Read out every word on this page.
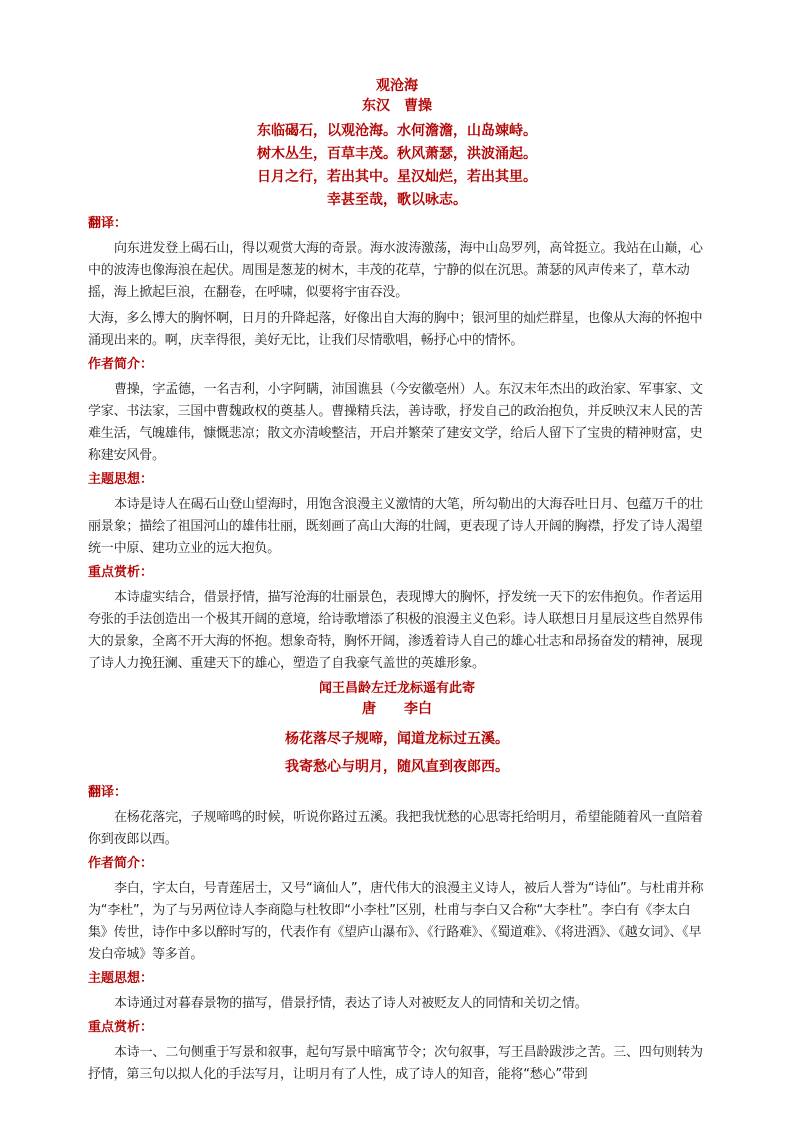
观沧海
东汉　曹操
东临碣石，以观沧海。水何澹澹，山岛竦峙。
树木丛生，百草丰茂。秋风萧瑟，洪波涌起。
日月之行，若出其中。星汉灿烂，若出其里。
幸甚至哉，歌以咏志。
翻译：

向东进发登上碣石山，得以观赏大海的奇景。海水波涛激荡，海中山岛罗列，高耸挺立。我站在山巅，心中的波涛也像海浪在起伏。周围是葱茏的树木，丰茂的花草，宁静的似在沉思。萧瑟的风声传来了，草木动摇，海上掀起巨浪，在翻卷，在呼啸，似要将宇宙吞没。

大海，多么博大的胸怀啊，日月的升降起落，好像出自大海的胸中；银河里的灿烂群星，也像从大海的怀抱中涌现出来的。啊，庆幸得很，美好无比，让我们尽情歌唱，畅抒心中的情怀。

作者简介：

曹操，字孟德，一名吉利，小字阿瞒，沛国谯县（今安徽亳州）人。东汉末年杰出的政治家、军事家、文学家、书法家，三国中曹魏政权的奠基人。曹操精兵法，善诗歌，抒发自己的政治抱负，并反映汉末人民的苦难生活，气魄雄伟，慷慨悲凉；散文亦清峻整洁，开启并繁荣了建安文学，给后人留下了宝贵的精神财富，史称建安风骨。

主题思想：

本诗是诗人在碣石山登山望海时，用饱含浪漫主义激情的大笔，所勾勒出的大海吞吐日月、包蕴万千的壮丽景象；描绘了祖国河山的雄伟壮丽，既刻画了高山大海的壮阔，更表现了诗人开阔的胸襟，抒发了诗人渴望统一中原、建功立业的远大抱负。

重点赏析：

本诗虚实结合，借景抒情，描写沧海的壮丽景色，表现博大的胸怀，抒发统一天下的宏伟抱负。作者运用夸张的手法创造出一个极其开阔的意境，给诗歌增添了积极的浪漫主义色彩。诗人联想日月星辰这些自然界伟大的景象，全离不开大海的怀抱。想象奇特，胸怀开阔，渗透着诗人自己的雄心壮志和昂扬奋发的精神，展现了诗人力挽狂澜、重建天下的雄心，塑造了自我豪气盖世的英雄形象。

闻王昌龄左迁龙标遥有此寄
唐　　李白
杨花落尽子规啼，闻道龙标过五溪。
我寄愁心与明月，随风直到夜郎西。
翻译：

在杨花落完，子规啼鸣的时候，听说你路过五溪。我把我忧愁的心思寄托给明月，希望能随着风一直陪着你到夜郎以西。

作者简介：

李白，字太白，号青莲居士，又号“谪仙人”，唐代伟大的浪漫主义诗人，被后人誉为“诗仙”。与杜甫并称为“李杜”，为了与另两位诗人李商隐与杜牧即“小李杜”区别，杜甫与李白又合称“大李杜”。李白有《李太白集》传世，诗作中多以醉时写的，代表作有《望庐山瀑布》、《行路难》、《蜀道难》、《将进酒》、《越女词》、《早发白帝城》等多首。

主题思想：

本诗通过对暮春景物的描写，借景抒情，表达了诗人对被贬友人的同情和关切之情。

重点赏析：

本诗一、二句侧重于写景和叙事，起句写景中暗寓节令；次句叙事，写王昌龄跋涉之苦。三、四句则转为抒情，第三句以拟人化的手法写月，让明月有了人性，成了诗人的知音，能将“愁心”带到
